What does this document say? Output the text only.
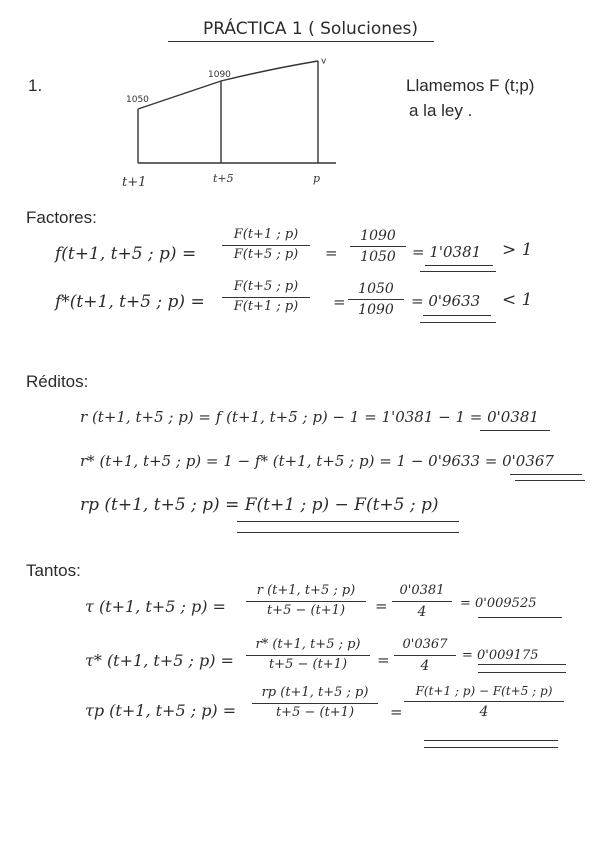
PRÁCTICA 1 ( Soluciones)
1.
1050
1090
v
t+1	t+5	p
Llamemos F (t;p)
a la ley .
Factores:
f(t+1, t+5 ; p) =
F(t+1 ; p)
F(t+5 ; p)	=
1090
1050	= 1'0381 > 1
f*(t+1, t+5 ; p) =
F(t+5 ; p)
F(t+1 ; p)	=
1050
1090
= 0'9633 < 1
Réditos:
r (t+1, t+5 ; p) = f (t+1, t+5 ; p) − 1 = 1'0381 − 1 = 0'0381
r* (t+1, t+5 ; p) = 1 − f* (t+1, t+5 ; p) = 1 − 0'9633 = 0'0367
rp (t+1, t+5 ; p) = F(t+1 ; p) − F(t+5 ; p)
Tantos:
τ (t+1, t+5 ; p) =
r (t+1, t+5 ; p)
t+5 − (t+1)	=
0'0381
4
= 0'009525
τ* (t+1, t+5 ; p) =
r* (t+1, t+5 ; p)
t+5 − (t+1)	=
0'0367
4
= 0'009175
τp (t+1, t+5 ; p) =
rp (t+1, t+5 ; p)
t+5 − (t+1)	=
F(t+1 ; p) − F(t+5 ; p)
4
